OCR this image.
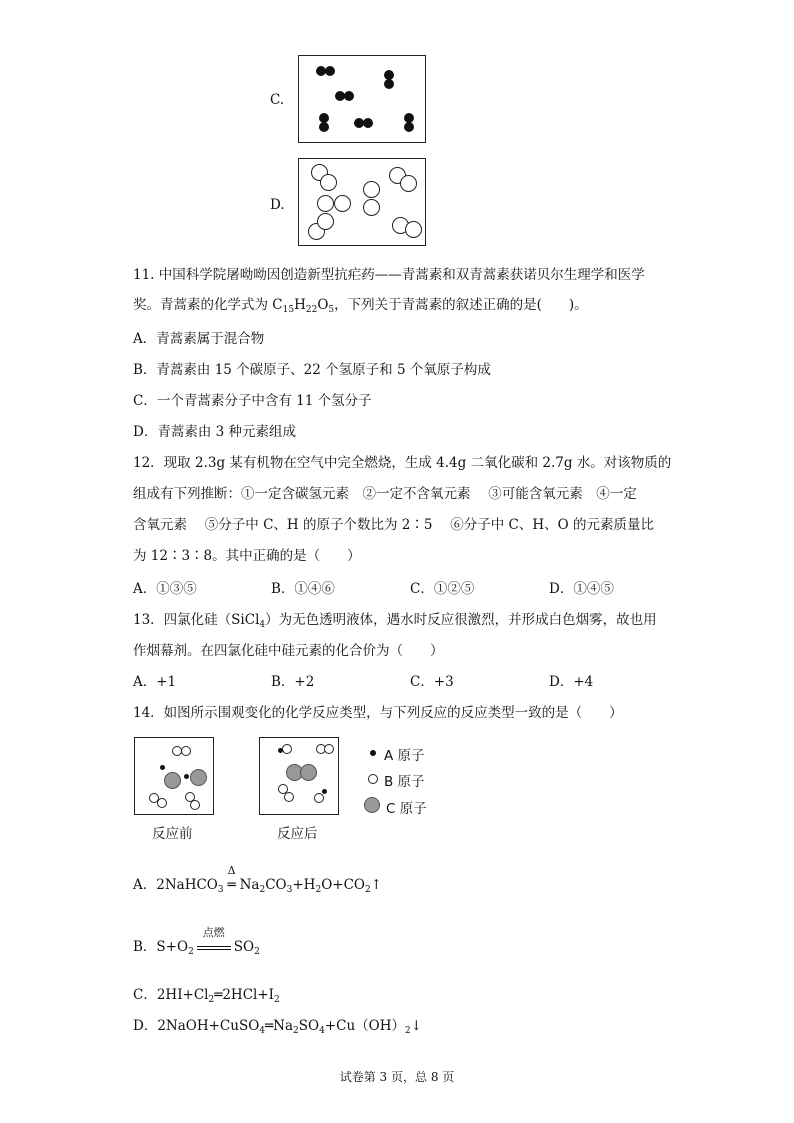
C.
D.
11. 中国科学院屠呦呦因创造新型抗疟药——青蒿素和双青蒿素获诺贝尔生理学和医学
奖。青蒿素的化学式为 $C_{15}H_{22}O_5$，下列关于青蒿素的叙述正确的是(　　)。
A．青蒿素属于混合物
B．青蒿素由 15 个碳原子、22 个氢原子和 5 个氧原子构成
C．一个青蒿素分子中含有 11 个氢分子
D．青蒿素由 3 种元素组成
12．现取 2.3g 某有机物在空气中完全燃烧，生成 4.4g 二氧化碳和 2.7g 水。对该物质的
组成有下列推断：①一定含碳氢元素　②一定不含氧元素　 ③可能含氧元素　④一定
含氧元素　 ⑤分子中 C、H 的原子个数比为 2∶5　 ⑥分子中 C、H、O 的元素质量比
为 12∶3∶8。其中正确的是（　　）
A．①③⑤	B．①④⑥	C．①②⑤	D．①④⑤
13．四氯化硅（SiCl$_4$）为无色透明液体，遇水时反应很激烈，并形成白色烟雾，故也用
作烟幕剂。在四氯化硅中硅元素的化合价为（　　）
A．+1	B．+2	C．+3	D．+4
14．如图所示围观变化的化学反应类型，与下列反应的反应类型一致的是（　　）
反应前	反应后
A 原子
B 原子
C 原子
A．2NaHCO$_3$
Δ
═ $Na_2CO_3+H_2O+CO_2↑$
B．$S+O_2$
点燃
$SO_2$
C．$2HI+Cl_2═2HCl+I_2$
D．$2NaOH+CuSO_4═Na_2SO_4+Cu(OH)_2↓$
试卷第 3 页，总 8 页
